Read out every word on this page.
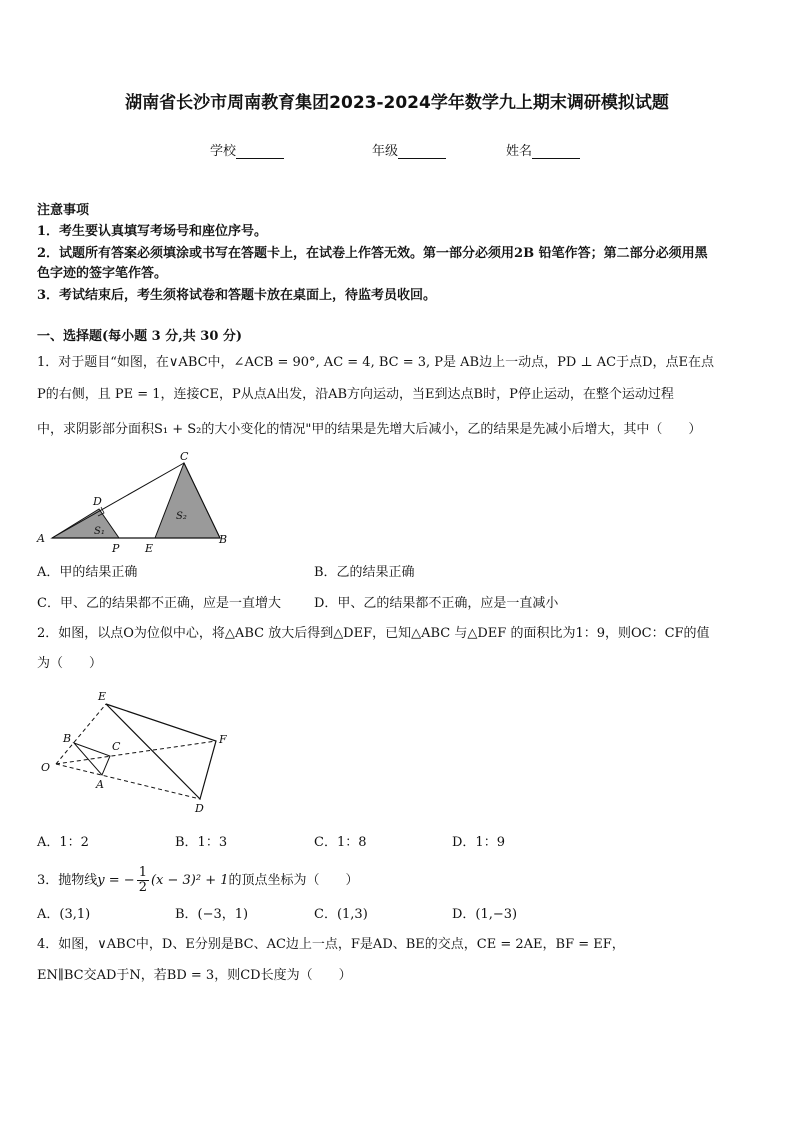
湖南省长沙市周南教育集团2023-2024学年数学九上期末调研模拟试题
学校	年级	姓名
注意事项
1．考生要认真填写考场号和座位序号。
2．试题所有答案必须填涂或书写在答题卡上，在试卷上作答无效。第一部分必须用2B 铅笔作答；第二部分必须用黑
色字迹的签字笔作答。
3．考试结束后，考生须将试卷和答题卡放在桌面上，待监考员收回。
一、选择题(每小题 3 分,共 30 分)
1．对于题目“如图，在∨ABC中，∠ACB = 90°, AC = 4, BC = 3, P是 AB边上一动点，PD ⊥ AC于点D，点E在点
P的右侧，且 PE = 1，连接CE，P从点A出发，沿AB方向运动，当E到达点B时，P停止运动，在整个运动过程
中，求阴影部分面积S₁ + S₂的大小变化的情况"甲的结果是先增大后减小，乙的结果是先减小后增大，其中（　　）
C
D
A
S₁
P E
S₂
B
A．甲的结果正确	B．乙的结果正确
C．甲、乙的结果都不正确，应是一直增大	D．甲、乙的结果都不正确，应是一直减小
2．如图，以点O为位似中心，将△ABC 放大后得到△DEF，已知△ABC 与△DEF 的面积比为1：9，则OC：CF的值
为（　　）
E
B
C
F
O
A
D
A．1：2	B．1：3	C．1：8	D．1：9
3．抛物线y = − $\frac{1}{2} (x - 3)^2 + 1$的顶点坐标为（　　）
A．(3,1)	B．(−3，1)	C．(1,3)	D．(1,−3)
4．如图，∨ABC中，D、E分别是BC、AC边上一点，F是AD、BE的交点，CE = 2AE，BF = EF，
EN∥BC交AD于N，若BD = 3，则CD长度为（　　）
